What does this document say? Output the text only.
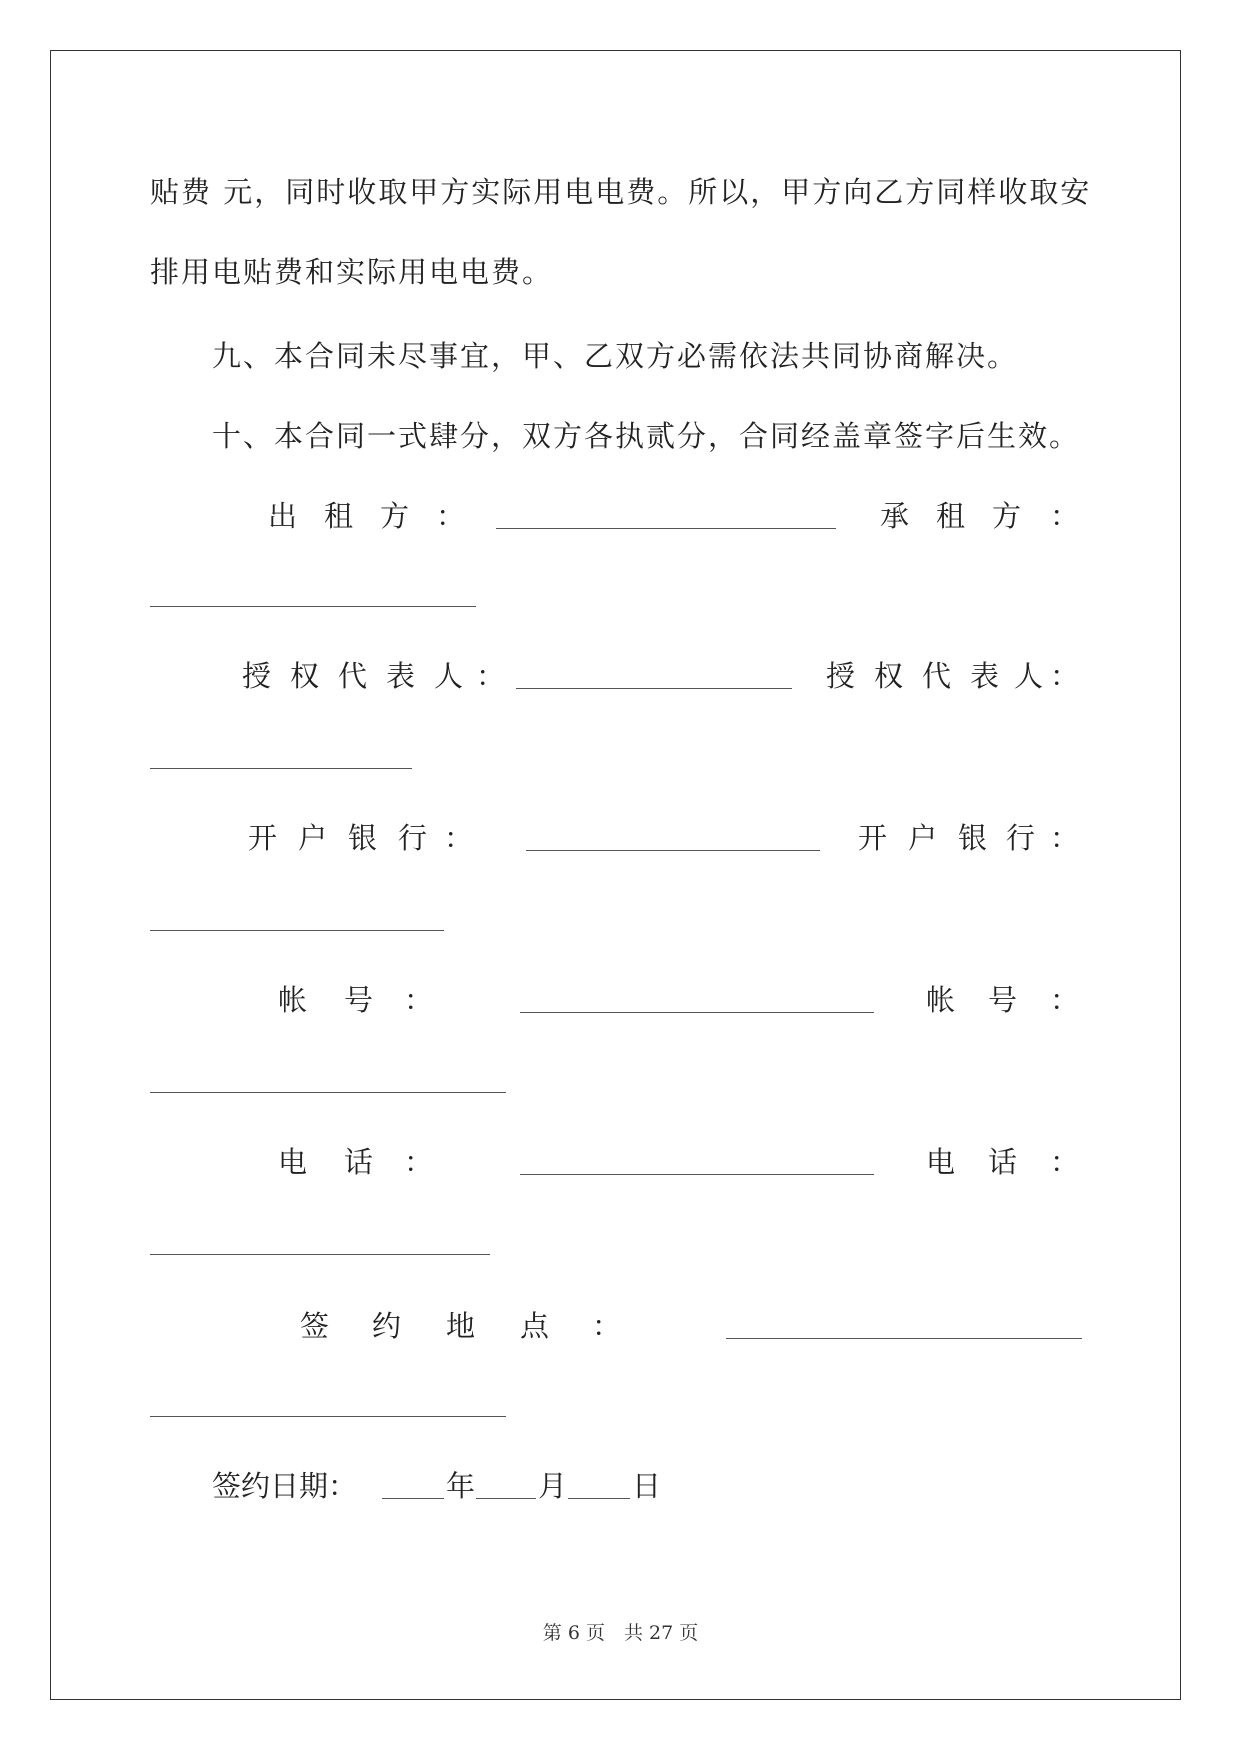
贴费 元，同时收取甲方实际用电电费。所以，甲方向乙方同样收取安
排用电贴费和实际用电电费。
九、本合同未尽事宜，甲、乙双方必需依法共同协商解决。
十、本合同一式肆分，双方各执贰分，合同经盖章签字后生效。
出 租 方 ：	承 租 方 ：
授 权 代 表 人 ：	授 权 代 表 人 ：
开 户 银 行 ：	开 户 银 行 ：
帐 号 ：	帐 号 ：
电 话 ：	电 话 ：
签 约 地 点 ：
签约日期：	年 月 日
第 6 页　共 27 页
